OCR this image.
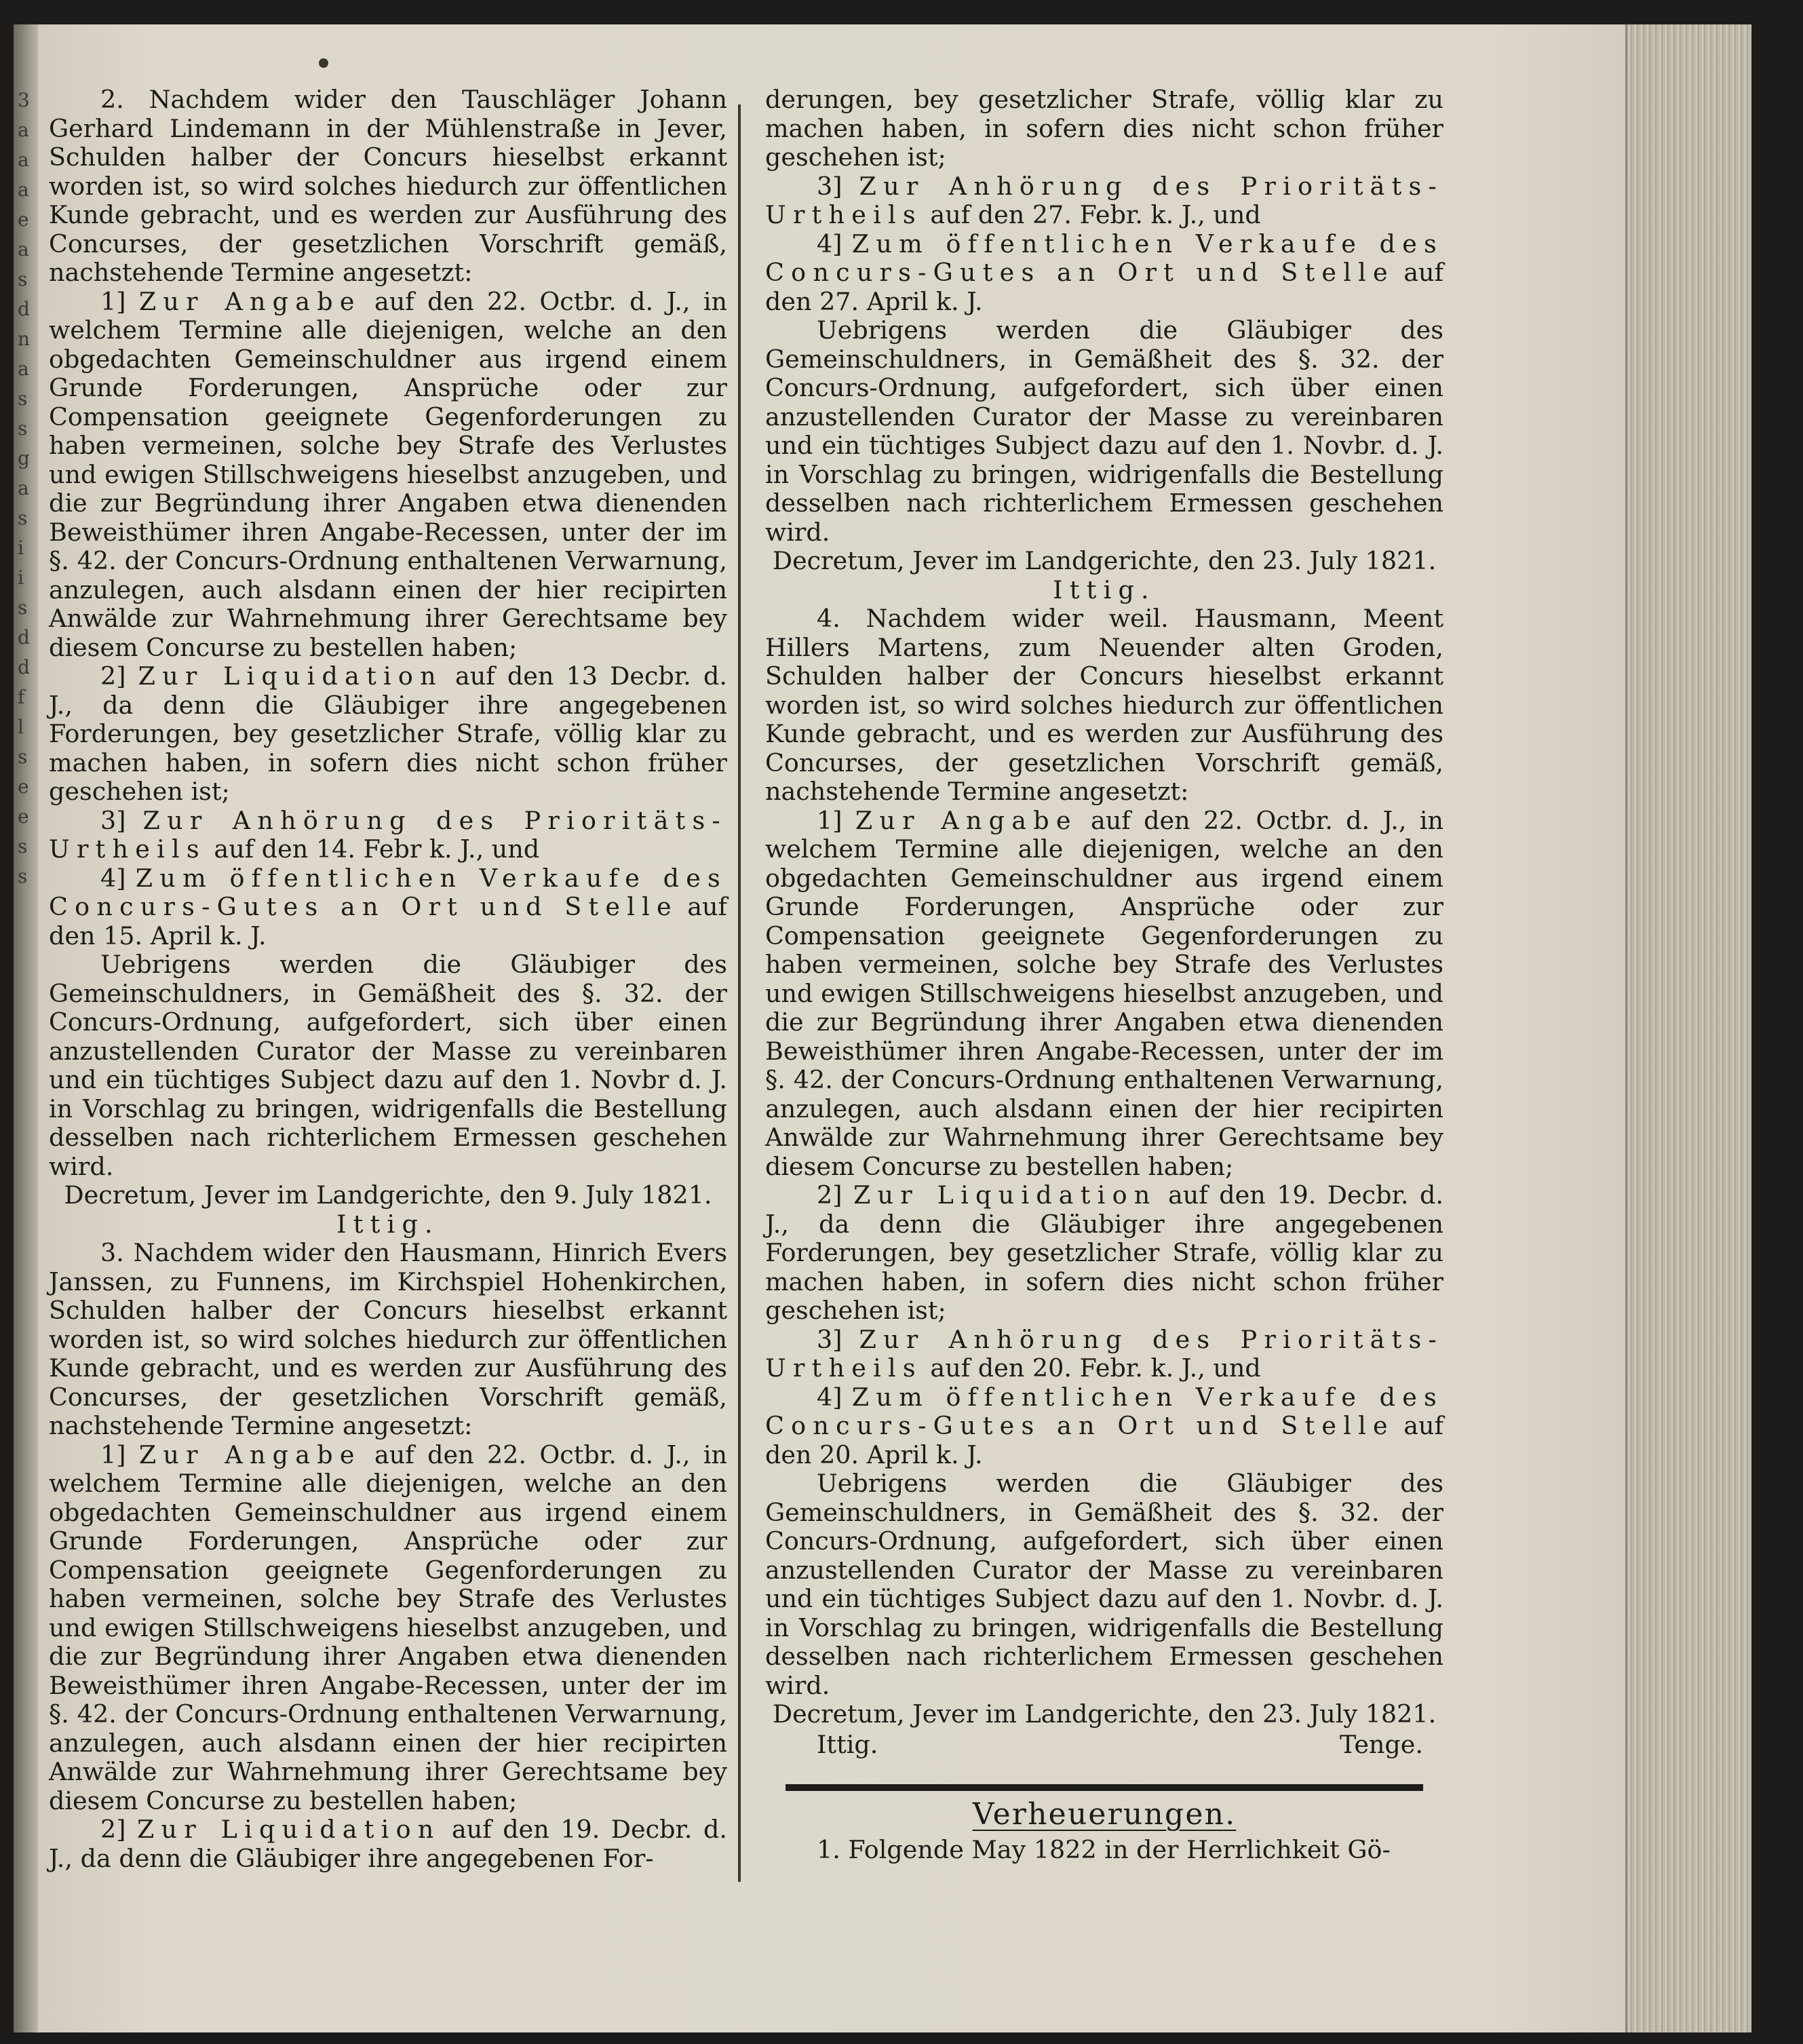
3 a a a e a s d n a s s g a s i i s d d f l s e e s s

2. Nachdem wider den Tauschläger Johann Gerhard Lindemann in der Mühlenstraße in Jever, Schulden halber der Concurs hieselbst erkannt worden ist, so wird solches hiedurch zur öffentlichen Kunde gebracht, und es werden zur Ausführung des Concurses, der gesetzlichen Vorschrift gemäß, nachstehende Termine angesetzt:

1] Zur Angabe auf den 22. Octbr. d. J., in welchem Termine alle diejenigen, welche an den obgedachten Gemeinschuldner aus irgend einem Grunde Forderungen, Ansprüche oder zur Compensation geeignete Gegenforderungen zu haben vermeinen, solche bey Strafe des Verlustes und ewigen Stillschweigens hieselbst anzugeben, und die zur Begründung ihrer Angaben etwa dienenden Beweisthümer ihren Angabe-Recessen, unter der im §. 42. der Concurs-Ordnung enthaltenen Verwarnung, anzulegen, auch alsdann einen der hier recipirten Anwälde zur Wahrnehmung ihrer Gerechtsame bey diesem Concurse zu bestellen haben;

2] Zur Liquidation auf den 13 Decbr. d. J., da denn die Gläubiger ihre angegebenen Forderungen, bey gesetzlicher Strafe, völlig klar zu machen haben, in sofern dies nicht schon früher geschehen ist;

3] Zur Anhörung des Prioritäts-Urtheils auf den 14. Febr k. J., und

4] Zum öffentlichen Verkaufe des Concurs-Gutes an Ort und Stelle auf den 15. April k. J.

Uebrigens werden die Gläubiger des Gemeinschuldners, in Gemäßheit des §. 32. der Concurs-Ordnung, aufgefordert, sich über einen anzustellenden Curator der Masse zu vereinbaren und ein tüchtiges Subject dazu auf den 1. Novbr d. J. in Vorschlag zu bringen, widrigenfalls die Bestellung desselben nach richterlichem Ermessen geschehen wird.

Decretum, Jever im Landgerichte, den 9. July 1821.

Ittig.

3. Nachdem wider den Hausmann, Hinrich Evers Janssen, zu Funnens, im Kirchspiel Hohenkirchen, Schulden halber der Concurs hieselbst erkannt worden ist, so wird solches hiedurch zur öffentlichen Kunde gebracht, und es werden zur Ausführung des Concurses, der gesetzlichen Vorschrift gemäß, nachstehende Termine angesetzt:

1] Zur Angabe auf den 22. Octbr. d. J., in welchem Termine alle diejenigen, welche an den obgedachten Gemeinschuldner aus irgend einem Grunde Forderungen, Ansprüche oder zur Compensation geeignete Gegenforderungen zu haben vermeinen, solche bey Strafe des Verlustes und ewigen Stillschweigens hieselbst anzugeben, und die zur Begründung ihrer Angaben etwa dienenden Beweisthümer ihren Angabe-Recessen, unter der im §. 42. der Concurs-Ordnung enthaltenen Verwarnung, anzulegen, auch alsdann einen der hier recipirten Anwälde zur Wahrnehmung ihrer Gerechtsame bey diesem Concurse zu bestellen haben;

2] Zur Liquidation auf den 19. Decbr. d. J., da denn die Gläubiger ihre angegebenen For-

derungen, bey gesetzlicher Strafe, völlig klar zu machen haben, in sofern dies nicht schon früher geschehen ist;

3] Zur Anhörung des Prioritäts-Urtheils auf den 27. Febr. k. J., und

4] Zum öffentlichen Verkaufe des Concurs-Gutes an Ort und Stelle auf den 27. April k. J.

Uebrigens werden die Gläubiger des Gemeinschuldners, in Gemäßheit des §. 32. der Concurs-Ordnung, aufgefordert, sich über einen anzustellenden Curator der Masse zu vereinbaren und ein tüchtiges Subject dazu auf den 1. Novbr. d. J. in Vorschlag zu bringen, widrigenfalls die Bestellung desselben nach richterlichem Ermessen geschehen wird.

Decretum, Jever im Landgerichte, den 23. July 1821.

Ittig.

4. Nachdem wider weil. Hausmann, Meent Hillers Martens, zum Neuender alten Groden, Schulden halber der Concurs hieselbst erkannt worden ist, so wird solches hiedurch zur öffentlichen Kunde gebracht, und es werden zur Ausführung des Concurses, der gesetzlichen Vorschrift gemäß, nachstehende Termine angesetzt:

1] Zur Angabe auf den 22. Octbr. d. J., in welchem Termine alle diejenigen, welche an den obgedachten Gemeinschuldner aus irgend einem Grunde Forderungen, Ansprüche oder zur Compensation geeignete Gegenforderungen zu haben vermeinen, solche bey Strafe des Verlustes und ewigen Stillschweigens hieselbst anzugeben, und die zur Begründung ihrer Angaben etwa dienenden Beweisthümer ihren Angabe-Recessen, unter der im §. 42. der Concurs-Ordnung enthaltenen Verwarnung, anzulegen, auch alsdann einen der hier recipirten Anwälde zur Wahrnehmung ihrer Gerechtsame bey diesem Concurse zu bestellen haben;

2] Zur Liquidation auf den 19. Decbr. d. J., da denn die Gläubiger ihre angegebenen Forderungen, bey gesetzlicher Strafe, völlig klar zu machen haben, in sofern dies nicht schon früher geschehen ist;

3] Zur Anhörung des Prioritäts-Urtheils auf den 20. Febr. k. J., und

4] Zum öffentlichen Verkaufe des Concurs-Gutes an Ort und Stelle auf den 20. April k. J.

Uebrigens werden die Gläubiger des Gemeinschuldners, in Gemäßheit des §. 32. der Concurs-Ordnung, aufgefordert, sich über einen anzustellenden Curator der Masse zu vereinbaren und ein tüchtiges Subject dazu auf den 1. Novbr. d. J. in Vorschlag zu bringen, widrigenfalls die Bestellung desselben nach richterlichem Ermessen geschehen wird.

Decretum, Jever im Landgerichte, den 23. July 1821.

Ittig.	Tenge.

Verheuerungen.

1. Folgende May 1822 in der Herrlichkeit Gö-
